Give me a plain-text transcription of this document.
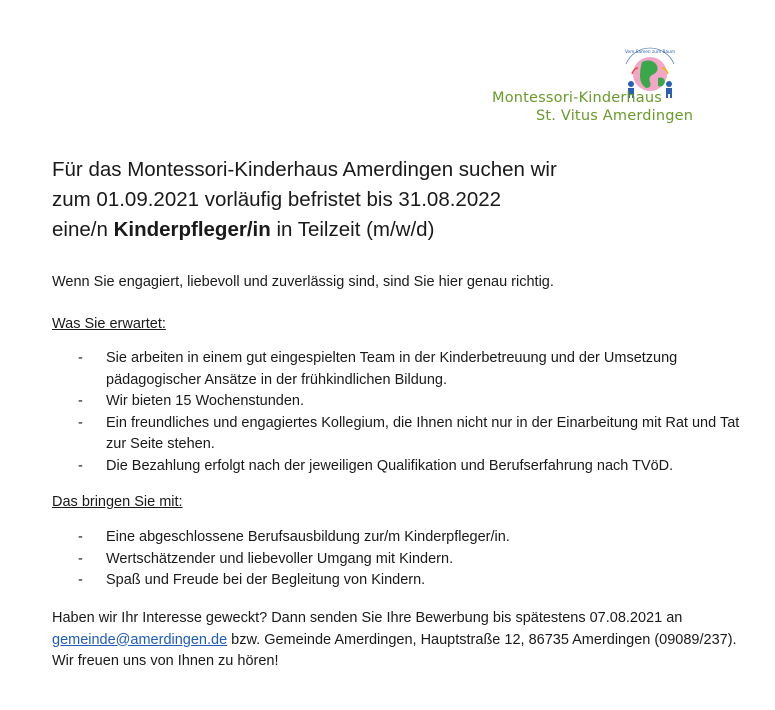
Vom Samen zum Baum
Montessori-Kinderhaus
St. Vitus Amerdingen
Für das Montessori-Kinderhaus Amerdingen suchen wir
zum 01.09.2021 vorläufig befristet bis 31.08.2022
eine/n Kinderpfleger/in in Teilzeit (m/w/d)
Wenn Sie engagiert, liebevoll und zuverlässig sind, sind Sie hier genau richtig.
Was Sie erwartet:
- Sie arbeiten in einem gut eingespielten Team in der Kinderbetreuung und der Umsetzung pädagogischer Ansätze in der frühkindlichen Bildung.
- Wir bieten 15 Wochenstunden.
- Ein freundliches und engagiertes Kollegium, die Ihnen nicht nur in der Einarbeitung mit Rat und Tat zur Seite stehen.
- Die Bezahlung erfolgt nach der jeweiligen Qualifikation und Berufserfahrung nach TVöD.
Das bringen Sie mit:
- Eine abgeschlossene Berufsausbildung zur/m Kinderpfleger/in.
- Wertschätzender und liebevoller Umgang mit Kindern.
- Spaß und Freude bei der Begleitung von Kindern.
Haben wir Ihr Interesse geweckt? Dann senden Sie Ihre Bewerbung bis spätestens 07.08.2021 an gemeinde@amerdingen.de bzw. Gemeinde Amerdingen, Hauptstraße 12, 86735 Amerdingen (09089/237). Wir freuen uns von Ihnen zu hören!
